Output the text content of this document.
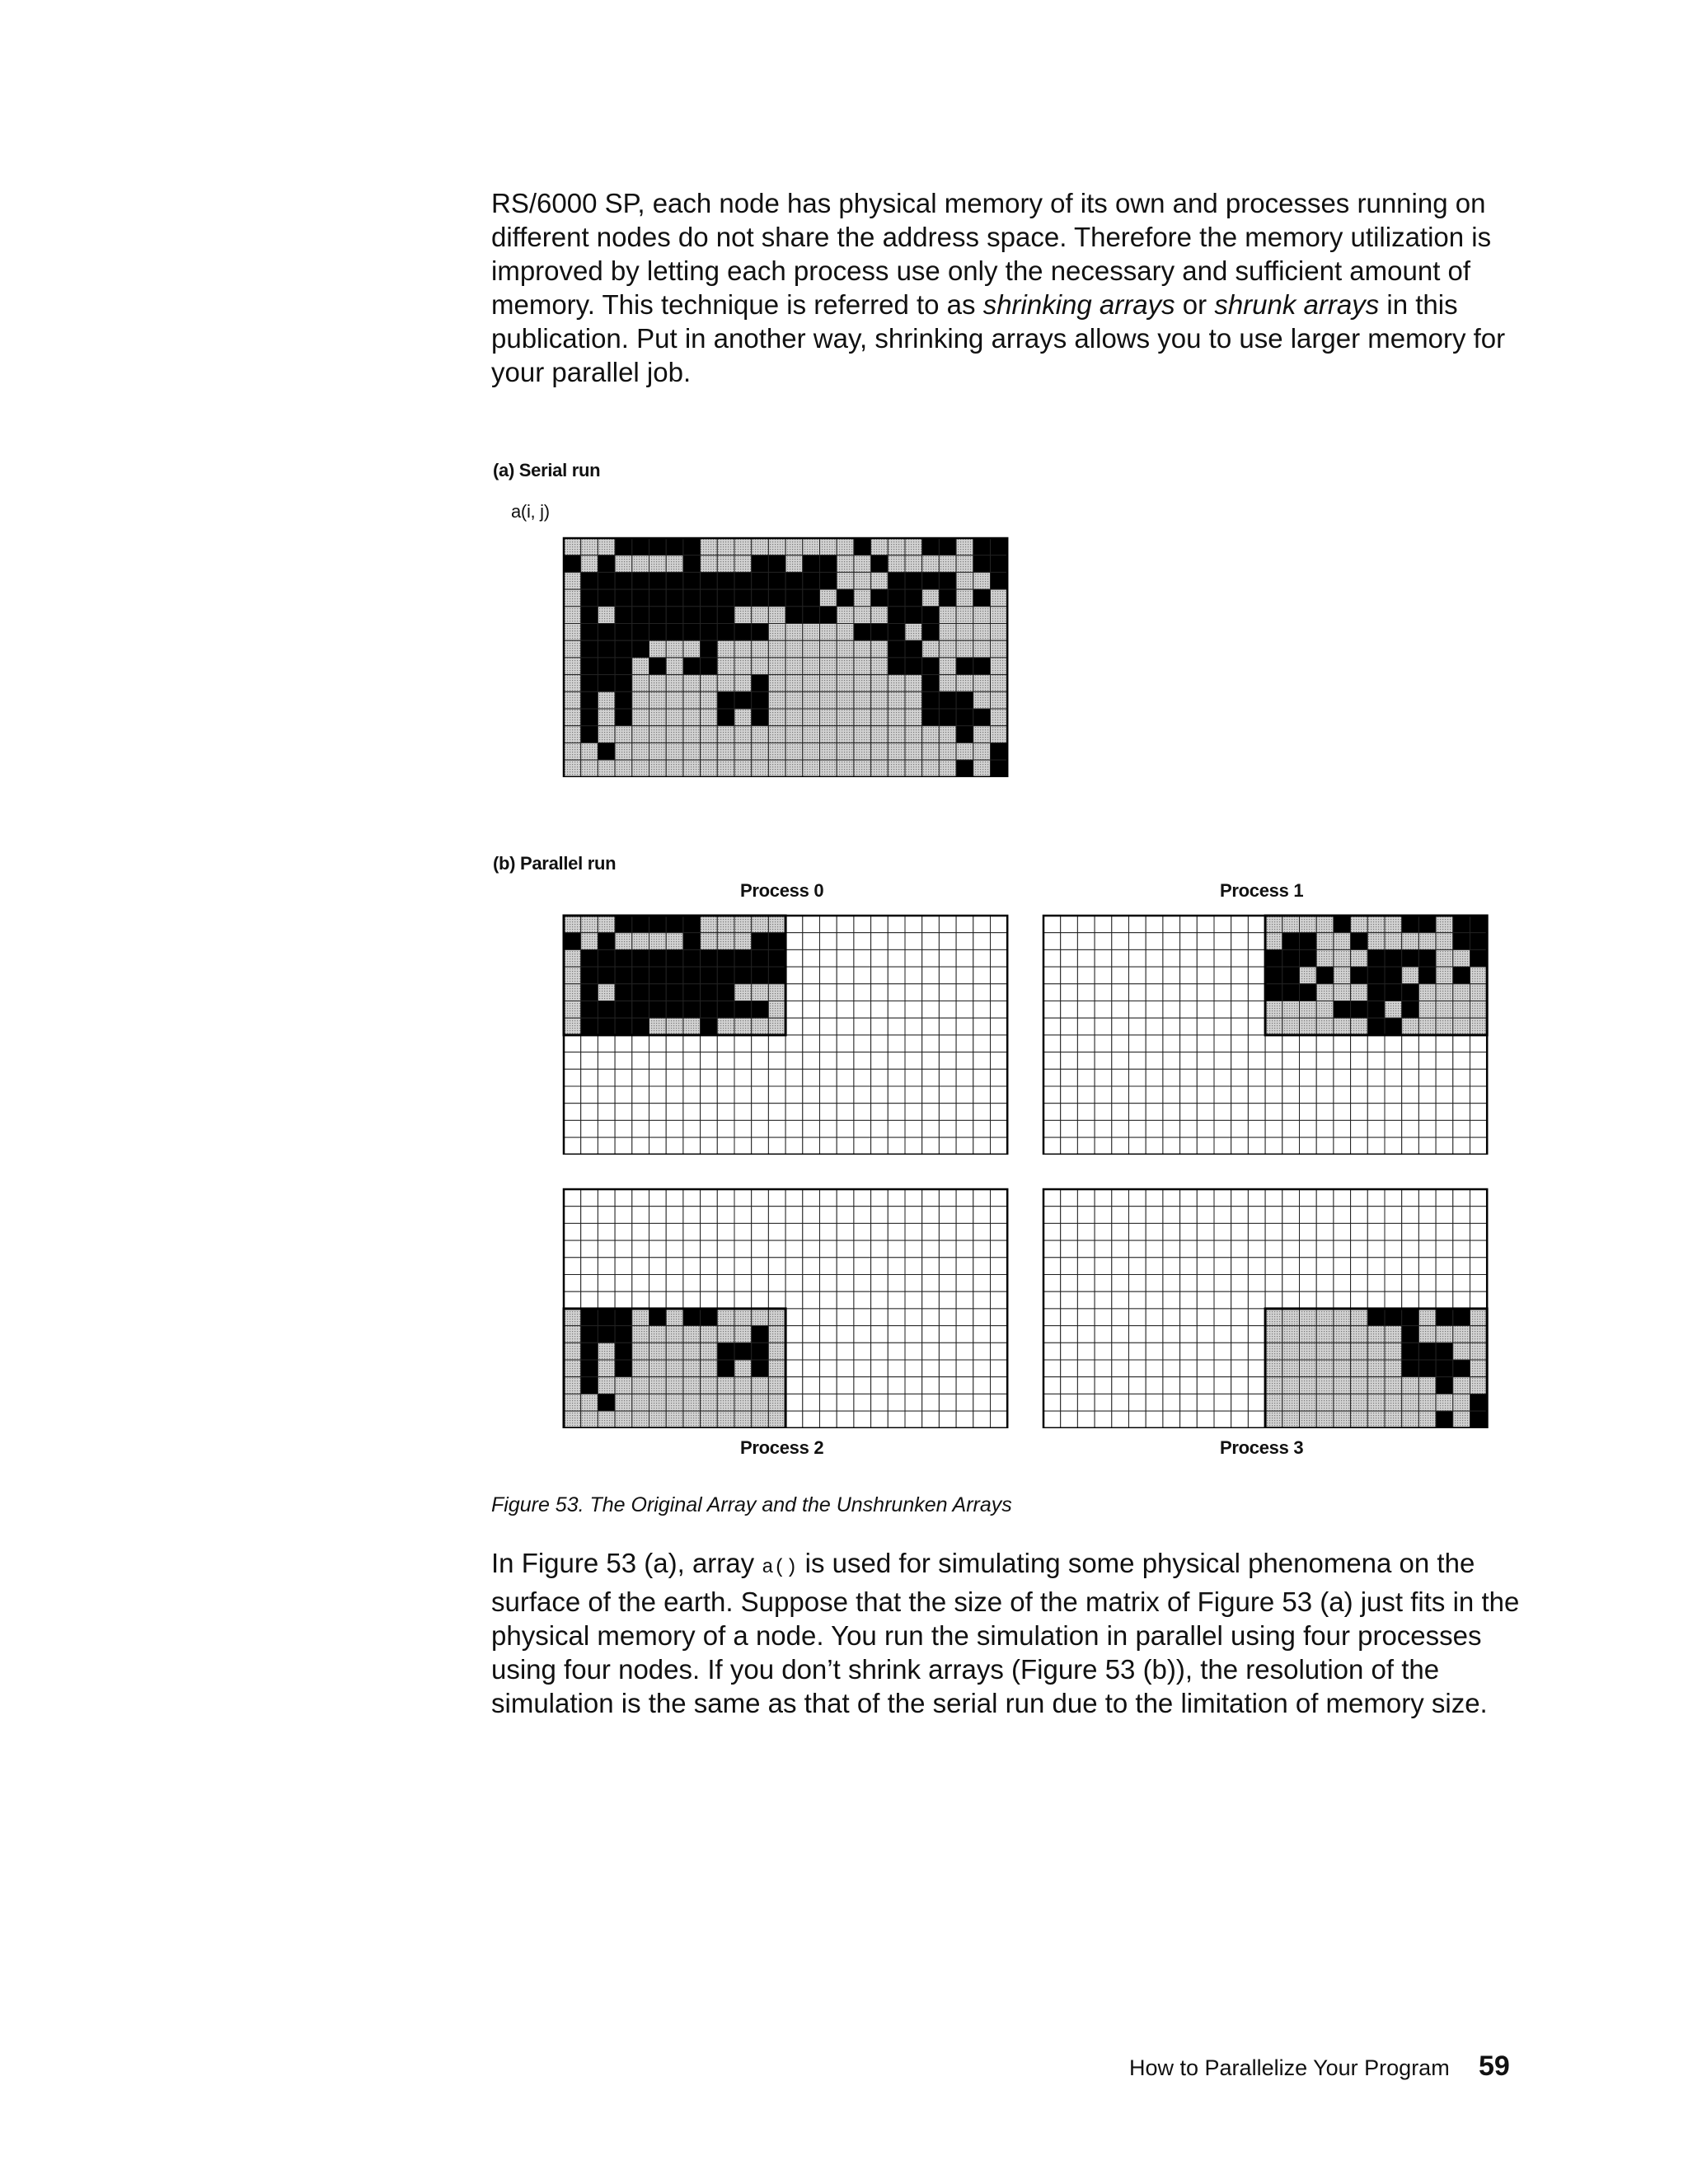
RS/6000 SP, each node has physical memory of its own and processes running on different nodes do not share the address space. Therefore the memory utilization is improved by letting each process use only the necessary and sufficient amount of memory. This technique is referred to as shrinking arrays or shrunk arrays in this publication. Put in another way, shrinking arrays allows you to use larger memory for your parallel job.

(a) Serial run
a(i, j)
(b) Parallel run
Process 0	Process 1
Process 2	Process 3
Figure 53. The Original Array and the Unshrunken Arrays

In Figure 53 (a), array a() is used for simulating some physical phenomena on the surface of the earth. Suppose that the size of the matrix of Figure 53 (a) just fits in the physical memory of a node. You run the simulation in parallel using four processes using four nodes. If you don’t shrink arrays (Figure 53 (b)), the resolution of the simulation is the same as that of the serial run due to the limitation of memory size.

How to Parallelize Your Program 59
